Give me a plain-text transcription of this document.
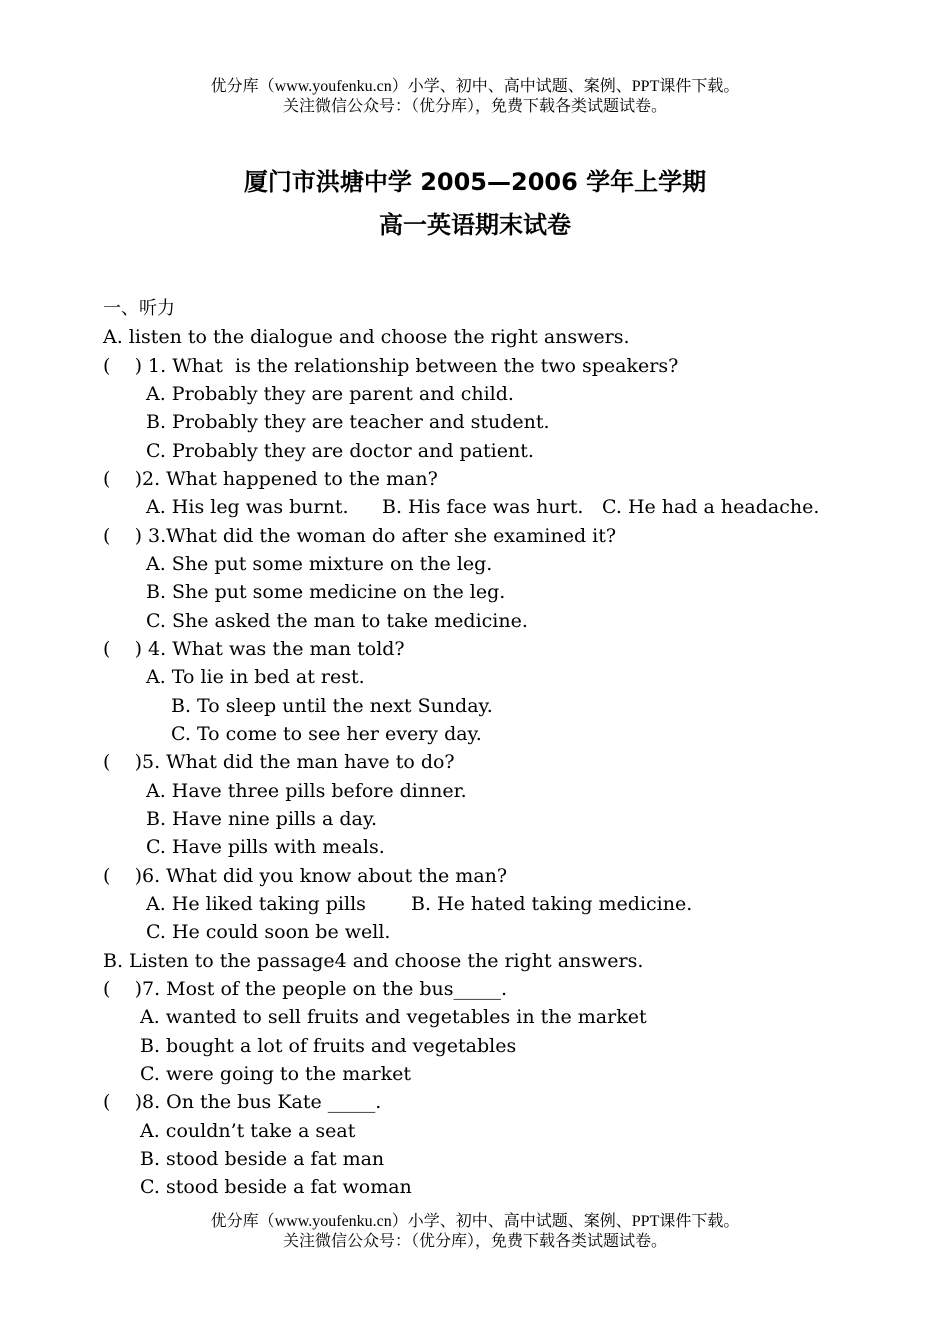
优分库（www.youfenku.cn）小学、初中、高中试题、案例、PPT课件下载。
关注微信公众号：（优分库），免费下载各类试题试卷。
厦门市洪塘中学 2005—2006 学年上学期
高一英语期末试卷
一、听力
A. listen to the dialogue and choose the right answers.
(    ) 1. What  is the relationship between the two speakers?
A. Probably they are parent and child.
B. Probably they are teacher and student.
C. Probably they are doctor and patient.
(    )2. What happened to the man?
A. His leg was burnt. B. His face was hurt. C. He had a headache.
(    ) 3.What did the woman do after she examined it?
A. She put some mixture on the leg.
B. She put some medicine on the leg.
C. She asked the man to take medicine.
(    ) 4. What was the man told?
A. To lie in bed at rest.
B. To sleep until the next Sunday.
C. To come to see her every day.
(    )5. What did the man have to do?
A. Have three pills before dinner.
B. Have nine pills a day.
C. Have pills with meals.
(    )6. What did you know about the man?
A. He liked taking pills B. He hated taking medicine.
C. He could soon be well.
B. Listen to the passage4 and choose the right answers.
(    )7. Most of the people on the bus_____.
A. wanted to sell fruits and vegetables in the market
B. bought a lot of fruits and vegetables
C. were going to the market
(    )8. On the bus Kate _____.
A. couldn’t take a seat
B. stood beside a fat man
C. stood beside a fat woman
优分库（www.youfenku.cn）小学、初中、高中试题、案例、PPT课件下载。
关注微信公众号：（优分库），免费下载各类试题试卷。
